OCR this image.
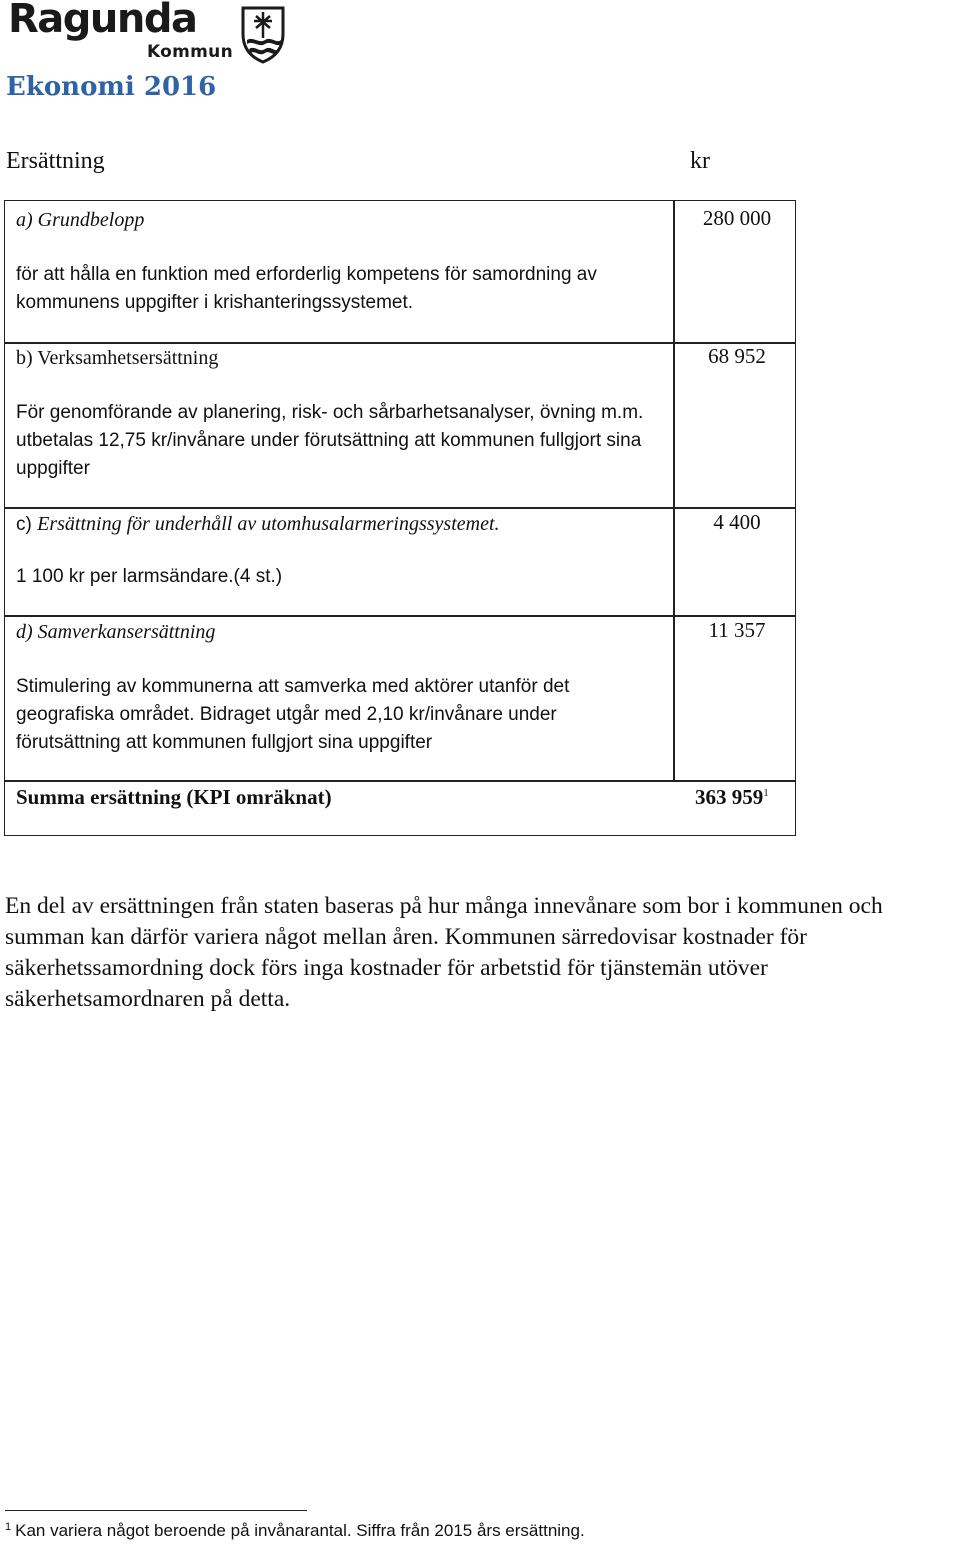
Ragunda
Kommun
Ekonomi 2016
Ersättning	kr
a) Grundbelopp
för att hålla en funktion med erforderlig kompetens för samordning av kommunens uppgifter i krishanteringssystemet.
280 000
b) Verksamhetsersättning
För genomförande av planering, risk- och sårbarhetsanalyser, övning m.m. utbetalas 12,75 kr/invånare under förutsättning att kommunen fullgjort sina uppgifter
68 952
c) Ersättning för underhåll av utomhusalarmeringssystemet.
1 100 kr per larmsändare.(4 st.)
4 400
d) Samverkansersättning
Stimulering av kommunerna att samverka med aktörer utanför det geografiska området. Bidraget utgår med 2,10 kr/invånare under förutsättning att kommunen fullgjort sina uppgifter
11 357
Summa ersättning (KPI omräknat)	363 $959^1$

En del av ersättningen från staten baseras på hur många innevånare som bor i kommunen och summan kan därför variera något mellan åren. Kommunen särredovisar kostnader för säkerhetssamordning dock förs inga kostnader för arbetstid för tjänstemän utöver säkerhetsamordnaren på detta.

$^1$ Kan variera något beroende på invånarantal. Siffra från 2015 års ersättning.
